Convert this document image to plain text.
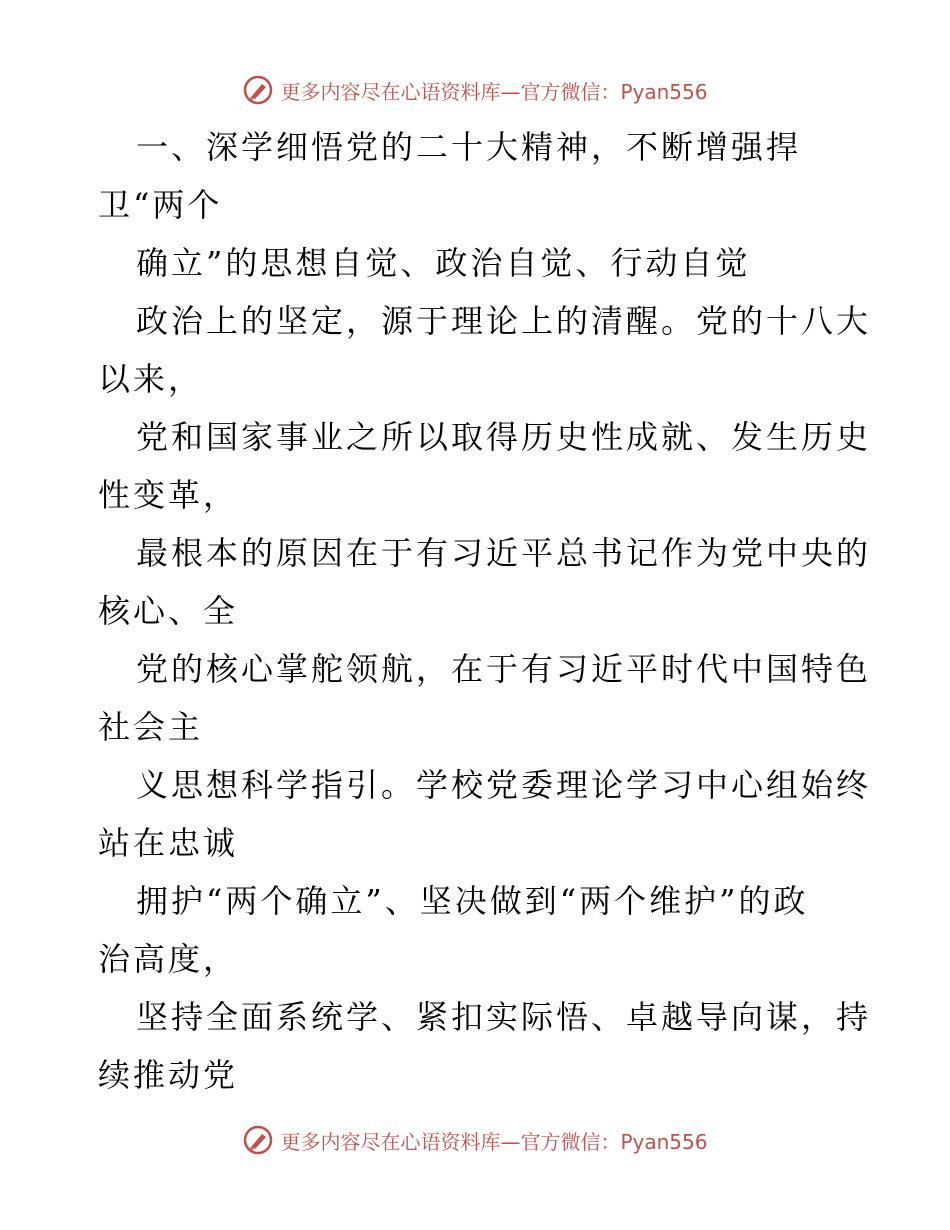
更多内容尽在心语资料库—官方微信：Pyan556
一、深学细悟党的二十大精神，不断增强捍
卫“两个
确立”的思想自觉、政治自觉、行动自觉
政治上的坚定，源于理论上的清醒。党的十八大
以来，
党和国家事业之所以取得历史性成就、发生历史
性变革，
最根本的原因在于有习近平总书记作为党中央的
核心、全
党的核心掌舵领航，在于有习近平时代中国特色
社会主
义思想科学指引。学校党委理论学习中心组始终
站在忠诚
拥护“两个确立”、坚决做到“两个维护”的政
治高度，
坚持全面系统学、紧扣实际悟、卓越导向谋，持
续推动党
更多内容尽在心语资料库—官方微信：Pyan556
